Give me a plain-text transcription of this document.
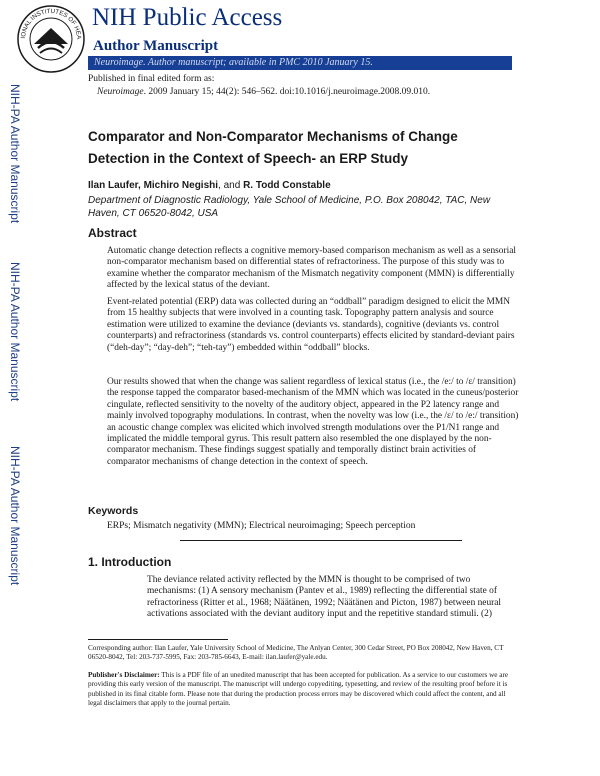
IONAL INSTITUTES OF HEA
NIH Public Access
Author Manuscript
Neuroimage. Author manuscript; available in PMC 2010 January 15.
Published in final edited form as:
Neuroimage. 2009 January 15; 44(2): 546–562. doi:10.1016/j.neuroimage.2008.09.010.
NIH-PA Author Manuscript
NIH-PA Author Manuscript
NIH-PA Author Manuscript
Comparator and Non-Comparator Mechanisms of Change Detection in the Context of Speech- an ERP Study
Ilan Laufer, Michiro Negishi, and R. Todd Constable
Department of Diagnostic Radiology, Yale School of Medicine, P.O. Box 208042, TAC, New Haven, CT 06520-8042, USA
Abstract
Automatic change detection reflects a cognitive memory-based comparison mechanism as well as a sensorial non-comparator mechanism based on differential states of refractoriness. The purpose of this study was to examine whether the comparator mechanism of the Mismatch negativity component (MMN) is differentially affected by the lexical status of the deviant.
Event-related potential (ERP) data was collected during an “oddball” paradigm designed to elicit the MMN from 15 healthy subjects that were involved in a counting task. Topography pattern analysis and source estimation were utilized to examine the deviance (deviants vs. standards), cognitive (deviants vs. control counterparts) and refractoriness (standards vs. control counterparts) effects elicited by standard-deviant pairs (“deh-day”; “day-deh”; “teh-tay”) embedded within “oddball” blocks.
Our results showed that when the change was salient regardless of lexical status (i.e., the /e:/ to /ɛ/ transition) the response tapped the comparator based-mechanism of the MMN which was located in the cuneus/posterior cingulate, reflected sensitivity to the novelty of the auditory object, appeared in the P2 latency range and mainly involved topography modulations. In contrast, when the novelty was low (i.e., the /ɛ/ to /e:/ transition) an acoustic change complex was elicited which involved strength modulations over the P1/N1 range and implicated the middle temporal gyrus. This result pattern also resembled the one displayed by the non-comparator mechanism. These findings suggest spatially and temporally distinct brain activities of comparator mechanisms of change detection in the context of speech.
Keywords
ERPs; Mismatch negativity (MMN); Electrical neuroimaging; Speech perception
1. Introduction
The deviance related activity reflected by the MMN is thought to be comprised of two mechanisms: (1) A sensory mechanism (Pantev et al., 1989) reflecting the differential state of refractoriness (Ritter et al., 1968; Näätänen, 1992; Näätänen and Picton, 1987) between neural activations associated with the deviant auditory input and the repetitive standard stimuli. (2)
Corresponding author: Ilan Laufer, Yale University School of Medicine, The Anlyan Center, 300 Cedar Street, PO Box 208042, New Haven, CT 06520-8042, Tel: 203-737-5995, Fax: 203-785-6643, E-mail: ilan.laufer@yale.edu.
Publisher's Disclaimer: This is a PDF file of an unedited manuscript that has been accepted for publication. As a service to our customers we are providing this early version of the manuscript. The manuscript will undergo copyediting, typesetting, and review of the resulting proof before it is published in its final citable form. Please note that during the production process errors may be discovered which could affect the content, and all legal disclaimers that apply to the journal pertain.
